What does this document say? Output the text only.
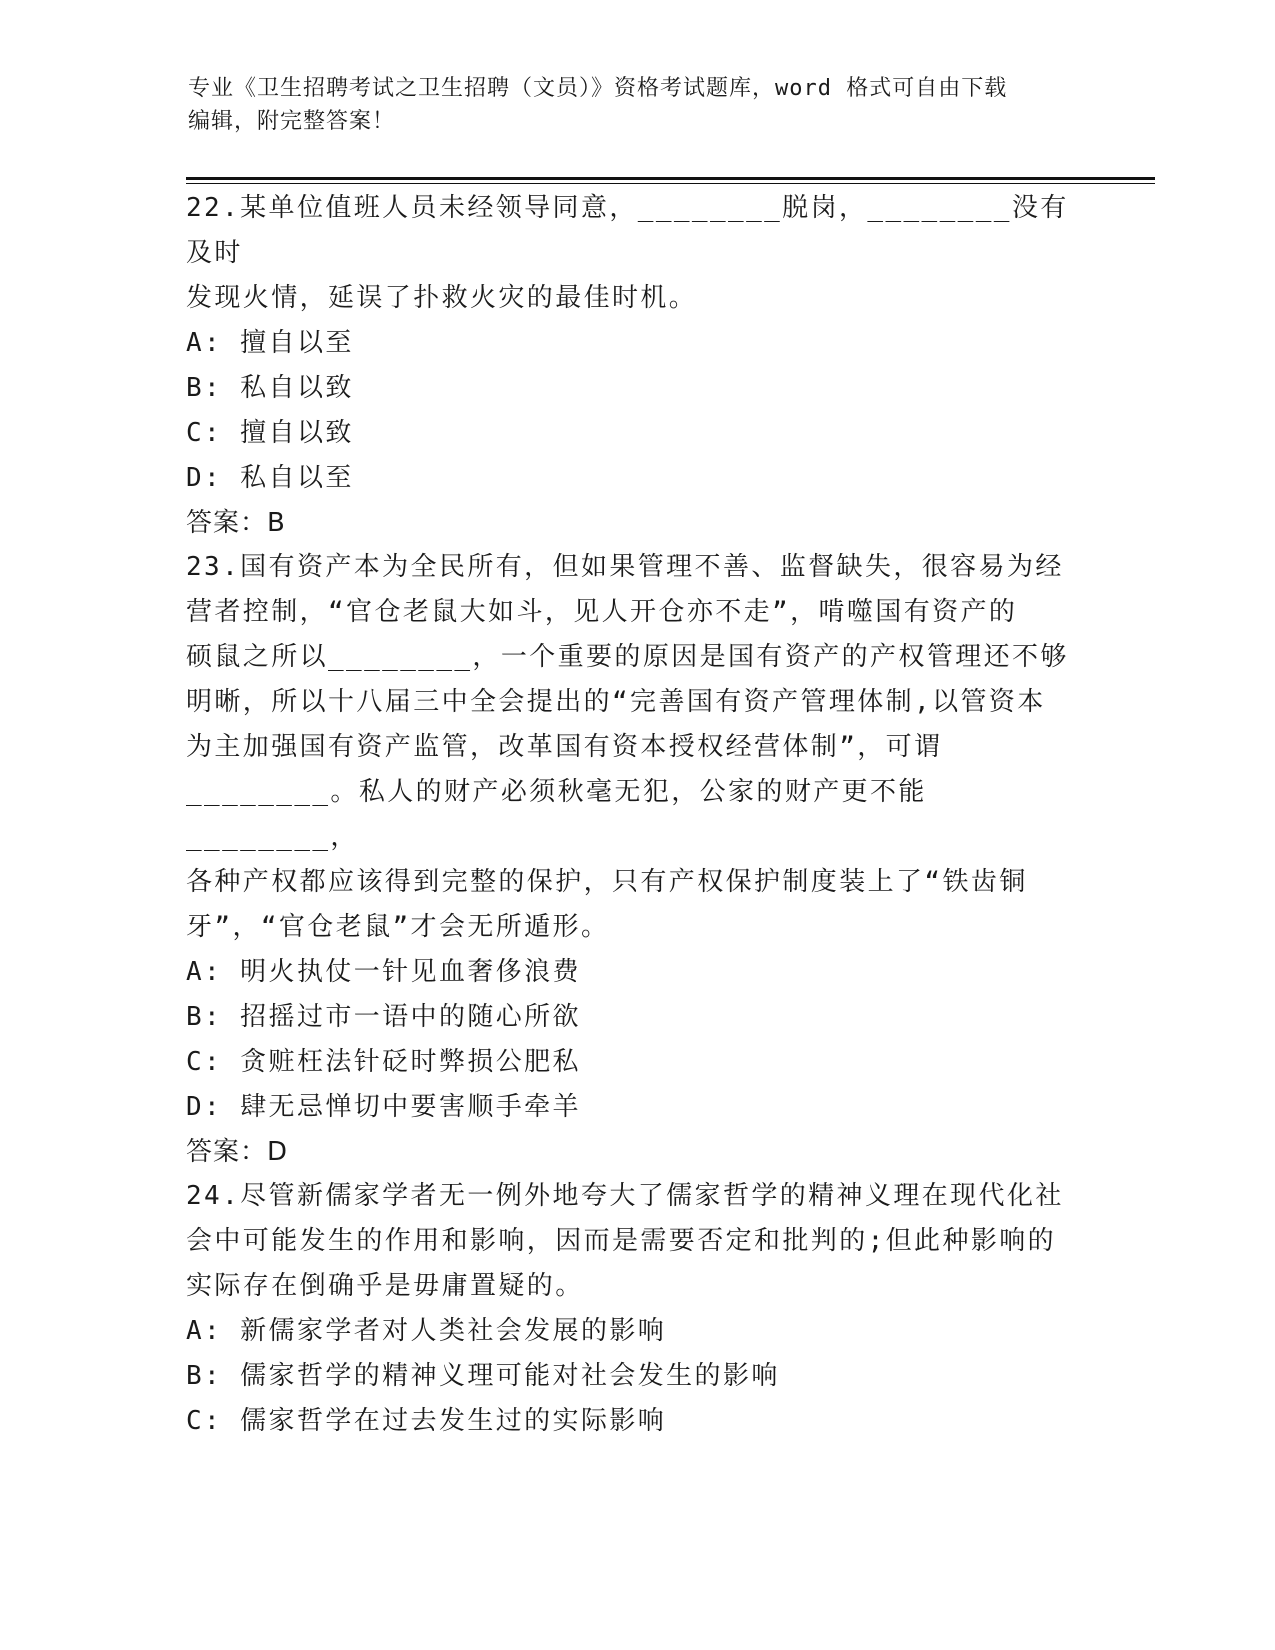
专业《卫生招聘考试之卫生招聘（文员）》资格考试题库，word 格式可自由下载
编辑，附完整答案！

22.某单位值班人员未经领导同意，________脱岗，________没有及时
发现火情，延误了扑救火灾的最佳时机。

A: 擅自以至

B: 私自以致

C: 擅自以致

D: 私自以至

答案：B

23.国有资产本为全民所有，但如果管理不善、监督缺失，很容易为经
营者控制，“官仓老鼠大如斗，见人开仓亦不走”，啃噬国有资产的
硕鼠之所以________，一个重要的原因是国有资产的产权管理还不够
明晰，所以十八届三中全会提出的“完善国有资产管理体制,以管资本
为主加强国有资产监管，改革国有资本授权经营体制”，可谓
________。私人的财产必须秋毫无犯，公家的财产更不能________，
各种产权都应该得到完整的保护，只有产权保护制度装上了“铁齿铜
牙”，“官仓老鼠”才会无所遁形。

A: 明火执仗一针见血奢侈浪费

B: 招摇过市一语中的随心所欲

C: 贪赃枉法针砭时弊损公肥私

D: 肆无忌惮切中要害顺手牵羊

答案：D

24.尽管新儒家学者无一例外地夸大了儒家哲学的精神义理在现代化社
会中可能发生的作用和影响，因而是需要否定和批判的;但此种影响的
实际存在倒确乎是毋庸置疑的。

A: 新儒家学者对人类社会发展的影响

B: 儒家哲学的精神义理可能对社会发生的影响

C: 儒家哲学在过去发生过的实际影响
